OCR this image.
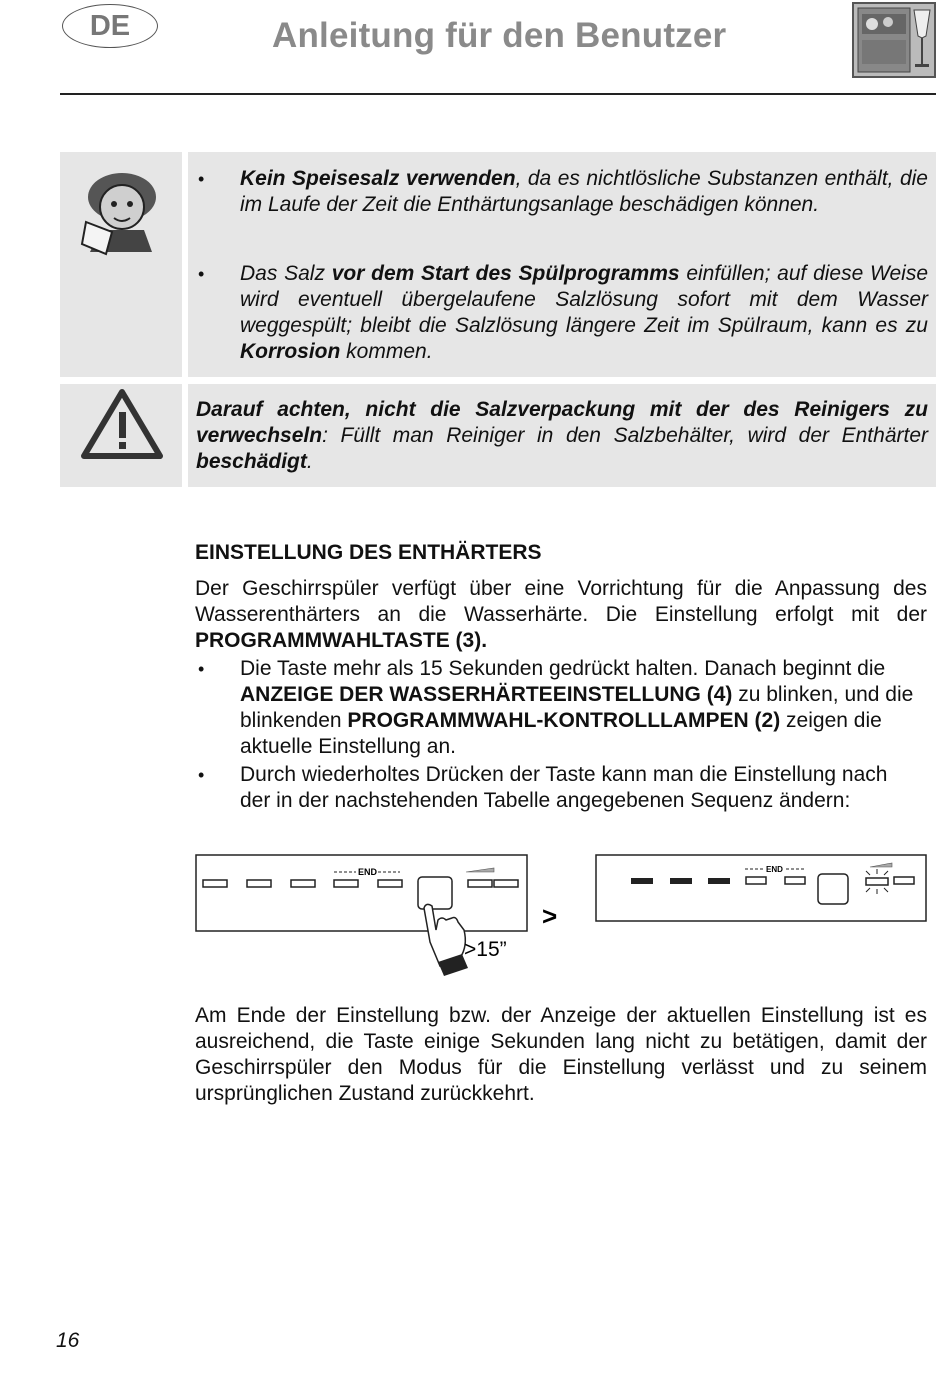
DE	Anleitung für den Benutzer
• Kein Speisesalz verwenden, da es nichtlösliche Substanzen enthält, die im Laufe der Zeit die Enthärtungsanlage beschädigen können.
• Das Salz vor dem Start des Spülprogramms einfüllen; auf diese Weise wird eventuell übergelaufene Salzlösung sofort mit dem Wasser weggespült; bleibt die Salzlösung längere Zeit im Spülraum, kann es zu Korrosion kommen.
Darauf achten, nicht die Salzverpackung mit der des Reinigers zu verwechseln: Füllt man Reiniger in den Salzbehälter, wird der Enthärter beschädigt.
EINSTELLUNG DES ENTHÄRTERS
Der Geschirrspüler verfügt über eine Vorrichtung für die Anpassung des Wasserenthärters an die Wasserhärte. Die Einstellung erfolgt mit der PROGRAMMWAHLTASTE (3).
• Die Taste mehr als 15 Sekunden gedrückt halten. Danach beginnt die ANZEIGE DER WASSERHÄRTEEINSTELLUNG (4) zu blinken, und die blinkenden PROGRAMMWAHL-KONTROLLLAMPEN (2) zeigen die aktuelle Einstellung an.
• Durch wiederholtes Drücken der Taste kann man die Einstellung nach der in der nachstehenden Tabelle angegebenen Sequenz ändern:
END
>15”
>
END
Am Ende der Einstellung bzw. der Anzeige der aktuellen Einstellung ist es ausreichend, die Taste einige Sekunden lang nicht zu betätigen, damit der Geschirrspüler den Modus für die Einstellung verlässt und zu seinem ursprünglichen Zustand zurückkehrt.
16
